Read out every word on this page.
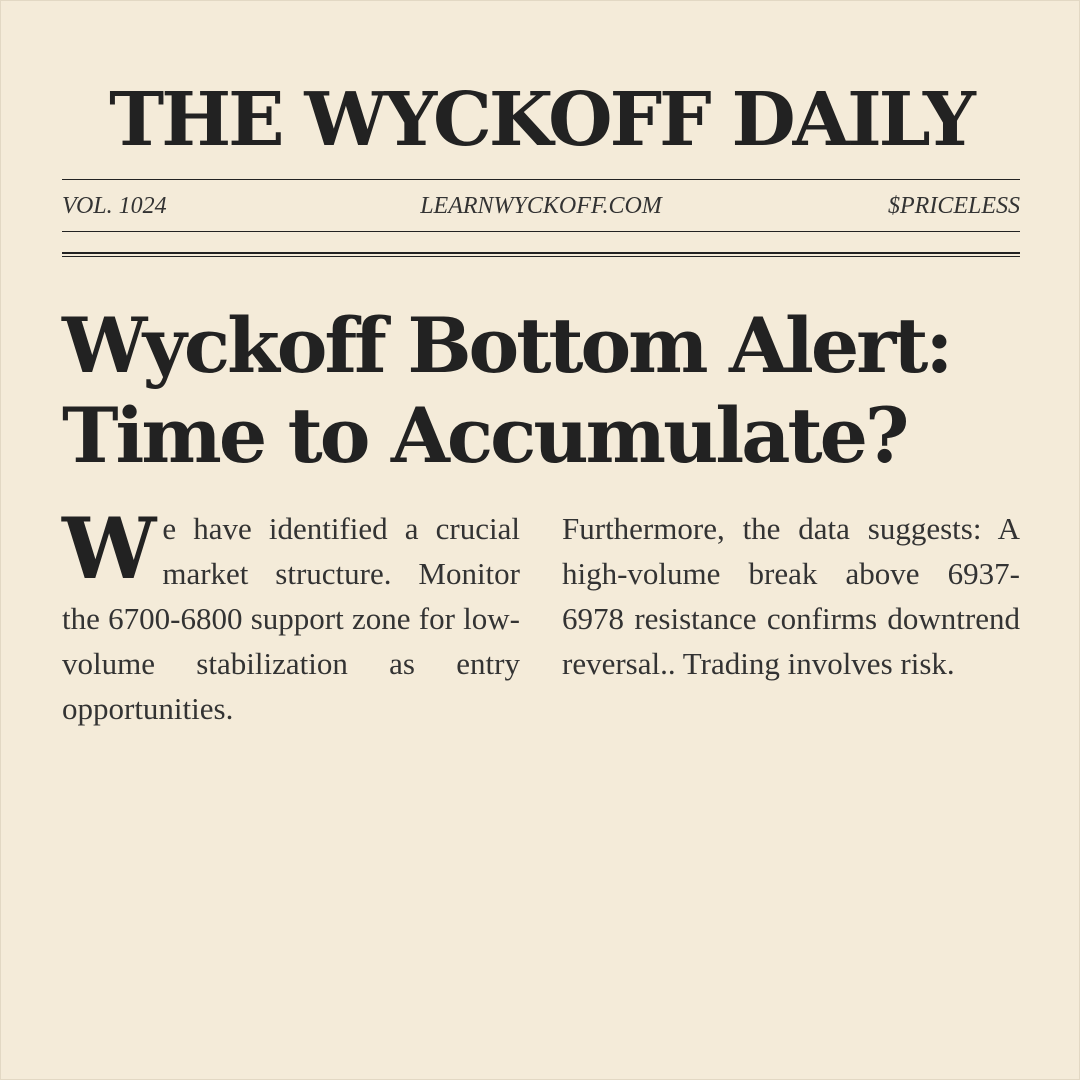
THE WYCKOFF DAILY
VOL. 1024	LEARNWYCKOFF.COM	$PRICELESS
Wyckoff Bottom Alert:
Time to Accumulate?
W e have identified a crucial market structure. Monitor the 6700-6800 support zone for low-volume stabilization as entry opportunities.

Furthermore, the data suggests: A high-volume break above 6937-6978 resistance confirms downtrend reversal.. Trading involves risk.
